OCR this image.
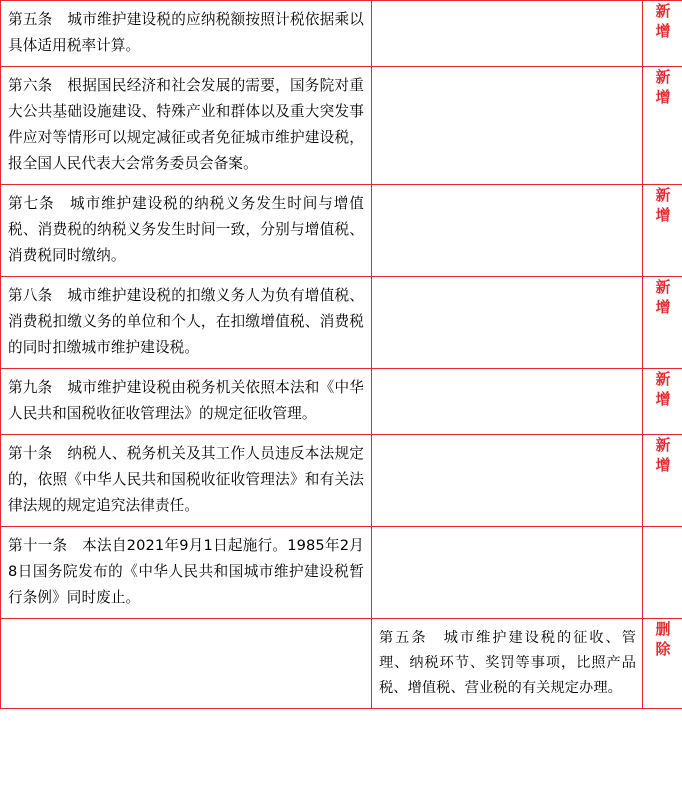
第五条　城市维护建设税的应纳税额按照计税依据乘以具体适用税率计算。		新增

第六条　根据国民经济和社会发展的需要，国务院对重大公共基础设施建设、特殊产业和群体以及重大突发事件应对等情形可以规定减征或者免征城市维护建设税，报全国人民代表大会常务委员会备案。		新增

第七条　城市维护建设税的纳税义务发生时间与增值税、消费税的纳税义务发生时间一致，分别与增值税、消费税同时缴纳。		新增

第八条　城市维护建设税的扣缴义务人为负有增值税、消费税扣缴义务的单位和个人，在扣缴增值税、消费税的同时扣缴城市维护建设税。		新增

第九条　城市维护建设税由税务机关依照本法和《中华人民共和国税收征收管理法》的规定征收管理。		新增

第十条　纳税人、税务机关及其工作人员违反本法规定的，依照《中华人民共和国税收征收管理法》和有关法律法规的规定追究法律责任。		新增

第十一条　本法自2021年9月1日起施行。1985年2月8日国务院发布的《中华人民共和国城市维护建设税暂行条例》同时废止。		

	第五条　城市维护建设税的征收、管理、纳税环节、奖罚等事项，比照产品税、增值税、营业税的有关规定办理。	删除
